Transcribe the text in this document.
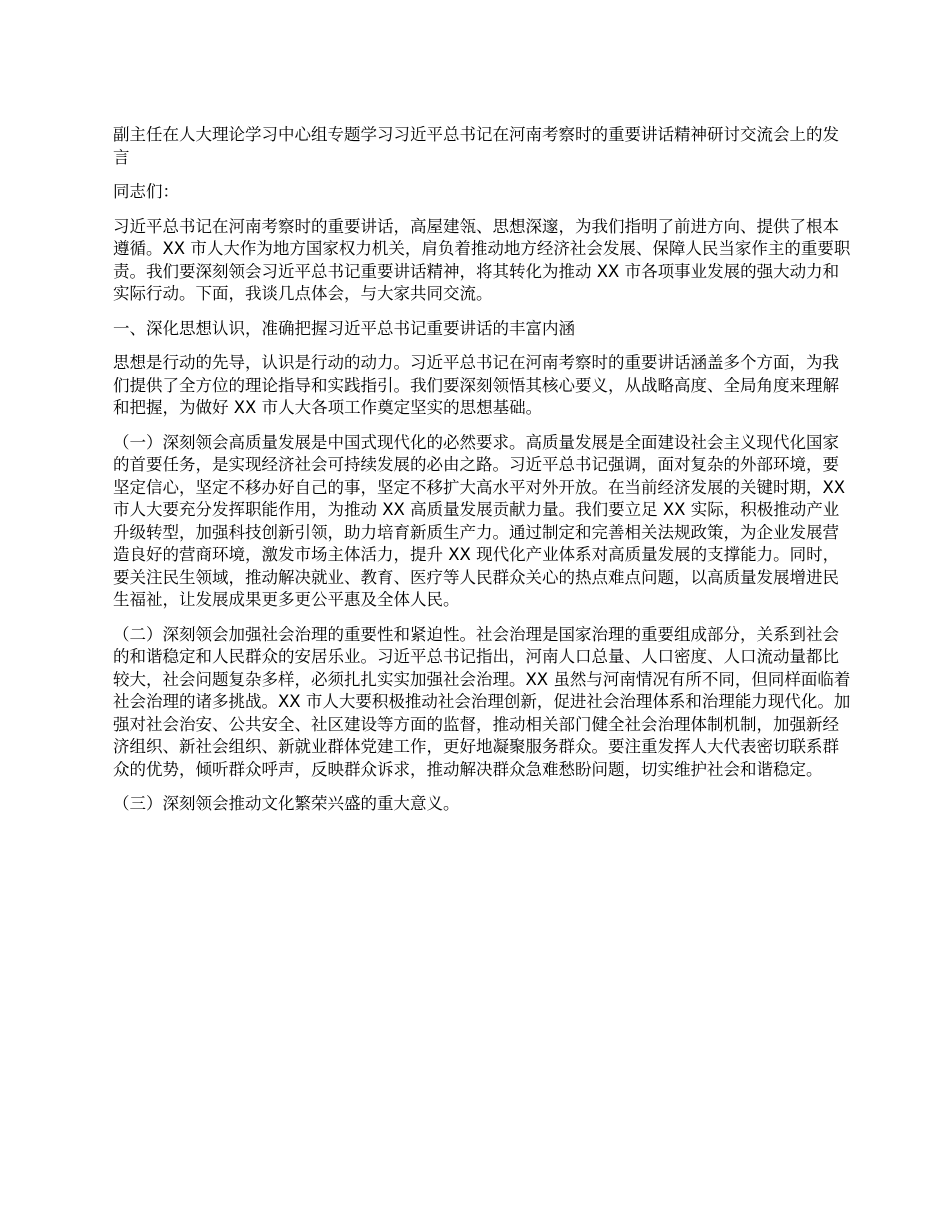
副主任在人大理论学习中心组专题学习习近平总书记在河南考察时的重要讲话精神研讨交流会上的发言

同志们：

习近平总书记在河南考察时的重要讲话，高屋建瓴、思想深邃，为我们指明了前进方向、提供了根本遵循。XX 市人大作为地方国家权力机关，肩负着推动地方经济社会发展、保障人民当家作主的重要职责。我们要深刻领会习近平总书记重要讲话精神，将其转化为推动 XX 市各项事业发展的强大动力和实际行动。下面，我谈几点体会，与大家共同交流。

一、深化思想认识，准确把握习近平总书记重要讲话的丰富内涵

思想是行动的先导，认识是行动的动力。习近平总书记在河南考察时的重要讲话涵盖多个方面，为我们提供了全方位的理论指导和实践指引。我们要深刻领悟其核心要义，从战略高度、全局角度来理解和把握，为做好 XX 市人大各项工作奠定坚实的思想基础。

（一）深刻领会高质量发展是中国式现代化的必然要求。高质量发展是全面建设社会主义现代化国家的首要任务，是实现经济社会可持续发展的必由之路。习近平总书记强调，面对复杂的外部环境，要坚定信心，坚定不移办好自己的事，坚定不移扩大高水平对外开放。在当前经济发展的关键时期，XX 市人大要充分发挥职能作用，为推动 XX 高质量发展贡献力量。我们要立足 XX 实际，积极推动产业升级转型，加强科技创新引领，助力培育新质生产力。通过制定和完善相关法规政策，为企业发展营造良好的营商环境，激发市场主体活力，提升 XX 现代化产业体系对高质量发展的支撑能力。同时，要关注民生领域，推动解决就业、教育、医疗等人民群众关心的热点难点问题，以高质量发展增进民生福祉，让发展成果更多更公平惠及全体人民。

（二）深刻领会加强社会治理的重要性和紧迫性。社会治理是国家治理的重要组成部分，关系到社会的和谐稳定和人民群众的安居乐业。习近平总书记指出，河南人口总量、人口密度、人口流动量都比较大，社会问题复杂多样，必须扎扎实实加强社会治理。XX 虽然与河南情况有所不同，但同样面临着社会治理的诸多挑战。XX 市人大要积极推动社会治理创新，促进社会治理体系和治理能力现代化。加强对社会治安、公共安全、社区建设等方面的监督，推动相关部门健全社会治理体制机制，加强新经济组织、新社会组织、新就业群体党建工作，更好地凝聚服务群众。要注重发挥人大代表密切联系群众的优势，倾听群众呼声，反映群众诉求，推动解决群众急难愁盼问题，切实维护社会和谐稳定。

（三）深刻领会推动文化繁荣兴盛的重大意义。
